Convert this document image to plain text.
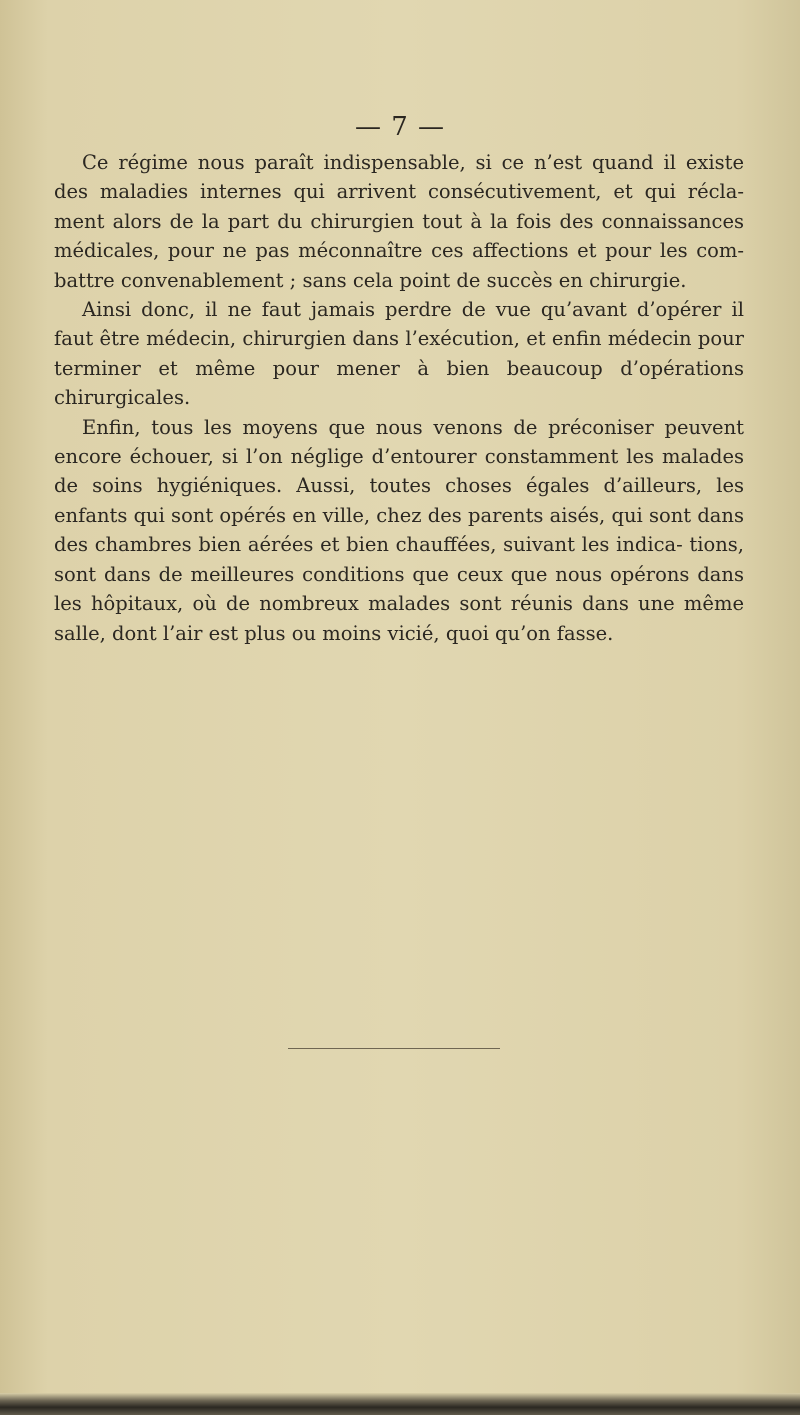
— 7 —

Ce régime nous paraît indispensable, si ce n’est quand il existe des maladies internes qui arrivent consécutivement, et qui récla- ment alors de la part du chirurgien tout à la fois des connaissances médicales, pour ne pas méconnaître ces affections et pour les com- battre convenablement ; sans cela point de succès en chirurgie.

Ainsi donc, il ne faut jamais perdre de vue qu’avant d’opérer il faut être médecin, chirurgien dans l’exécution, et enfin médecin pour terminer et même pour mener à bien beaucoup d’opérations chirurgicales.

Enfin, tous les moyens que nous venons de préconiser peuvent encore échouer, si l’on néglige d’entourer constamment les malades de soins hygiéniques. Aussi, toutes choses égales d’ailleurs, les enfants qui sont opérés en ville, chez des parents aisés, qui sont dans des chambres bien aérées et bien chauffées, suivant les indica- tions, sont dans de meilleures conditions que ceux que nous opérons dans les hôpitaux, où de nombreux malades sont réunis dans une même salle, dont l’air est plus ou moins vicié, quoi qu’on fasse.
